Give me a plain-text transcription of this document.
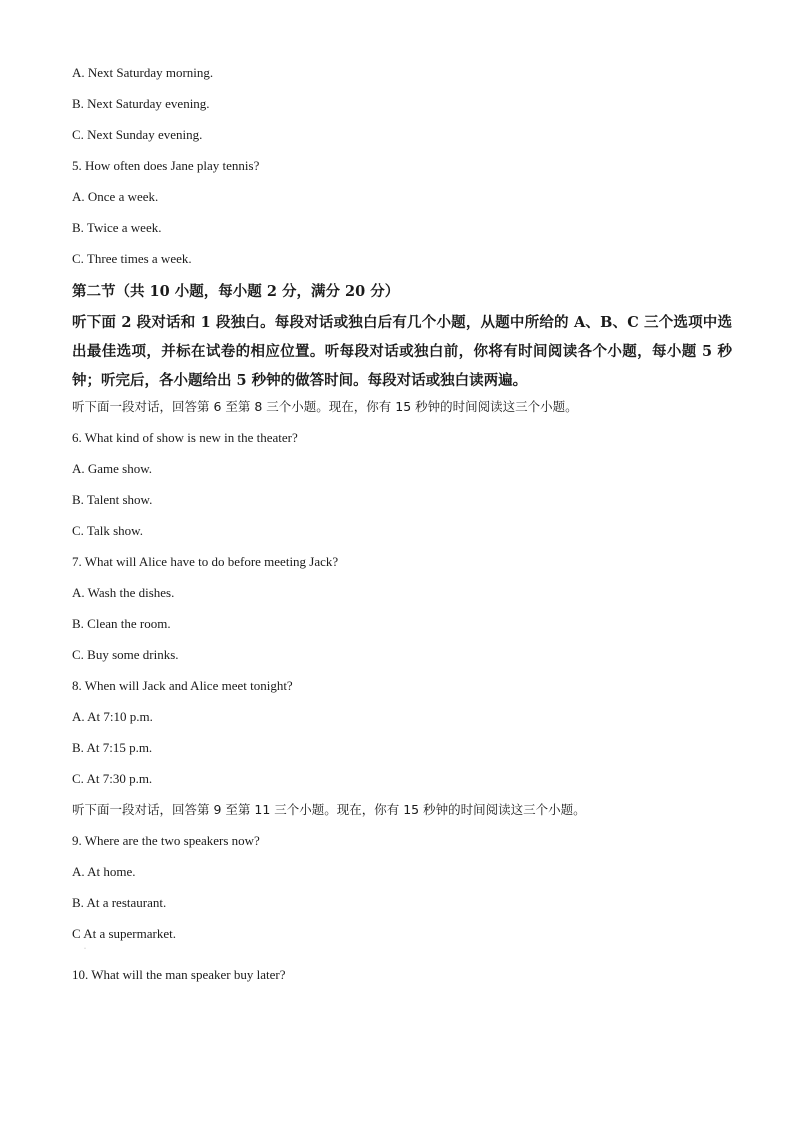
A. Next Saturday morning.

B. Next Saturday evening.

C. Next Sunday evening.

5. How often does Jane play tennis?

A. Once a week.

B. Twice a week.

C. Three times a week.

第二节（共 10 小题，每小题 2 分，满分 20 分）

听下面 2 段对话和 1 段独白。每段对话或独白后有几个小题，从题中所给的 A、B、C 三个选项中选出最佳选项，并标在试卷的相应位置。听每段对话或独白前，你将有时间阅读各个小题，每小题 5 秒钟；听完后，各小题给出 5 秒钟的做答时间。每段对话或独白读两遍。

听下面一段对话，回答第 6 至第 8 三个小题。现在，你有 15 秒钟的时间阅读这三个小题。

6. What kind of show is new in the theater?

A. Game show.

B. Talent show.

C. Talk show.

7. What will Alice have to do before meeting Jack?

A. Wash the dishes.

B. Clean the room.

C. Buy some drinks.

8. When will Jack and Alice meet tonight?

A. At 7:10 p.m.

B. At 7:15 p.m.

C. At 7:30 p.m.

听下面一段对话，回答第 9 至第 11 三个小题。现在，你有 15 秒钟的时间阅读这三个小题。

9. Where are the two speakers now?

A. At home.

B. At a restaurant.

C At a supermarket.

·

10. What will the man speaker buy later?
